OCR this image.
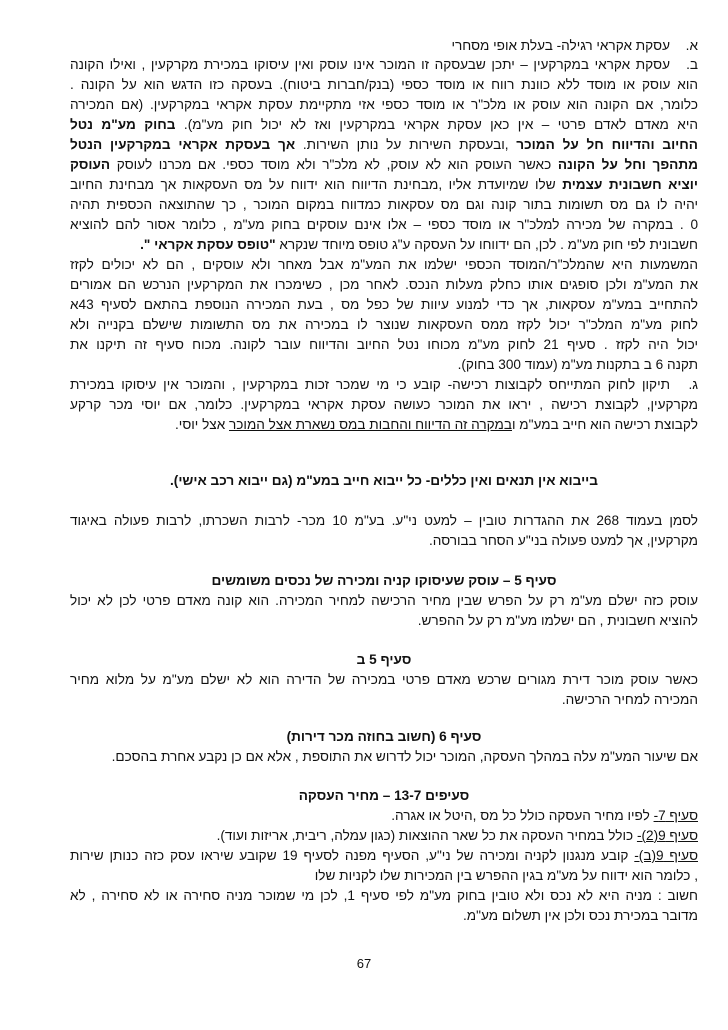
א.עסקת אקראי רגילה- בעלת אופי מסחרי
ב.עסקת אקראי במקרקעין – יתכן שבעסקה זו המוכר אינו עוסק ואין עיסוקו במכירת מקרקעין , ואילו הקונה
הוא עוסק או מוסד ללא כוונת רווח או מוסד כספי (בנק/חברות ביטוח). בעסקה כזו הדגש הוא על הקונה .
כלומר, אם הקונה הוא עוסק או מלכ"ר או מוסד כספי אזי מתקיימת עסקת אקראי במקרקעין. (אם המכירה
היא מאדם לאדם פרטי – אין כאן עסקת אקראי במקרקעין ואז לא יכול חוק מע"מ). בחוק מע"מ נטל
החיוב והדיווח חל על המוכר ,ובעסקת השירות על נותן השירות. אך בעסקת אקראי במקרקעין הנטל
מתהפך וחל על הקונה כאשר העוסק הוא לא עוסק, לא מלכ"ר ולא מוסד כספי. אם מכרנו לעוסק העוסק
יוציא חשבונית עצמית שלו שמיועדת אליו ,מבחינת הדיווח הוא ידווח על מס העסקאות אך מבחינת החיוב
יהיה לו גם מס תשומות בתור קונה וגם מס עסקאות כמדווח במקום המוכר , כך שהתוצאה הכספית תהיה
0 . במקרה של מכירה למלכ"ר או מוסד כספי – אלו אינם עוסקים בחוק מע"מ , כלומר אסור להם להוציא
חשבונית לפי חוק מע"מ . לכן, הם ידווחו על העסקה ע"ג טופס מיוחד שנקרא "טופס עסקת אקראי ".
המשמעות היא שהמלכ"ר/המוסד הכספי ישלמו את המע"מ אבל מאחר ולא עוסקים , הם לא יכולים לקזז
את המע"מ ולכן סופגים אותו כחלק מעלות הנכס. לאחר מכן , כשימכרו את המקרקעין הנרכש הם אמורים
להתחייב במע"מ עסקאות, אך כדי למנוע עיוות של כפל מס , בעת המכירה הנוספת בהתאם לסעיף 43א
לחוק מע"מ המלכ"ר יכול לקזז ממס העסקאות שנוצר לו במכירה את מס התשומות שישלם בקנייה ולא
יכול היה לקזז . סעיף 21 לחוק מע"מ מכוחו נטל החיוב והדיווח עובר לקונה. מכוח סעיף זה תיקנו את
תקנה 6 ב בתקנות מע"מ (עמוד 300 בחוק).
ג.תיקון לחוק המתייחס לקבוצות רכישה- קובע כי מי שמכר זכות במקרקעין , והמוכר אין עיסוקו במכירת
מקרקעין, לקבוצת רכישה , יראו את המוכר כעושה עסקת אקראי במקרקעין. כלומר, אם יוסי מכר קרקע
לקבוצת רכישה הוא חייב במע"מ ובמקרה זה הדיווח והחבות במס נשארת אצל המוכר אצל יוסי.
בייבוא אין תנאים ואין כללים- כל ייבוא חייב במע"מ (גם ייבוא רכב אישי).
לסמן בעמוד 268 את ההגדרות טובין – למעט ני"ע. בע"מ 10 מכר- לרבות השכרתו, לרבות פעולה באיגוד
מקרקעין, אך למעט פעולה בני"ע הסחר בבורסה.
סעיף 5 – עוסק שעיסוקו קניה ומכירה של נכסים משומשים
עוסק כזה ישלם מע"מ רק על הפרש שבין מחיר הרכישה למחיר המכירה. הוא קונה מאדם פרטי לכן לא יכול
להוציא חשבונית , הם ישלמו מע"מ רק על ההפרש.
סעיף 5 ב
כאשר עוסק מוכר דירת מגורים שרכש מאדם פרטי במכירה של הדירה הוא לא ישלם מע"מ על מלוא מחיר
המכירה למחיר הרכישה.
סעיף 6 (חשוב בחוזה מכר דירות)
אם שיעור המע"מ עלה במהלך העסקה, המוכר יכול לדרוש את התוספת , אלא אם כן נקבע אחרת בהסכם.
סעיפים 13-7 – מחיר העסקה
סעיף 7- לפיו מחיר העסקה כולל כל מס ,היטל או אגרה.
סעיף 9(2)- כולל במחיר העסקה את כל שאר ההוצאות (כגון עמלה, ריבית, אריזות ועוד).
סעיף 9(ב)- קובע מנגנון לקניה ומכירה של ני"ע, הסעיף מפנה לסעיף 19 שקובע שיראו עסק כזה כנותן שירות
, כלומר הוא ידווח על מע"מ בגין ההפרש בין המכירות שלו לקניות שלו
חשוב : מניה היא לא נכס ולא טובין בחוק מע"מ לפי סעיף 1, לכן מי שמוכר מניה סחירה או לא סחירה , לא
מדובר במכירת נכס ולכן אין תשלום מע"מ.
67
